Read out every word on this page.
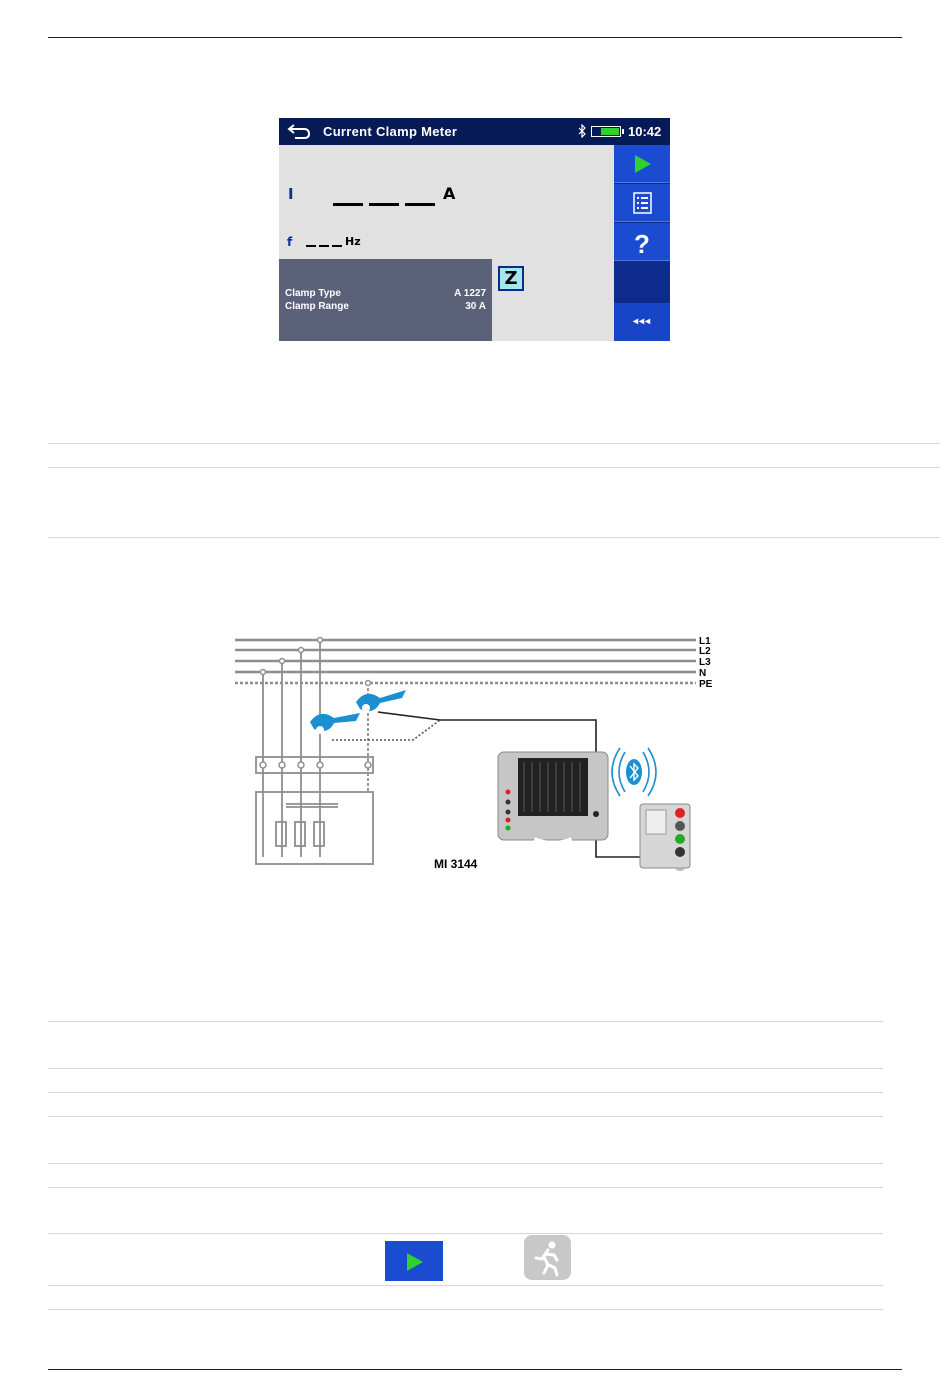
Current Clamp Meter	10:42
I	A
f	Hz
Clamp Type	A 1227
Clamp Range	30 A
Z
?
◂◂◂
L1
L2
L3
N
PE
MI 3144
